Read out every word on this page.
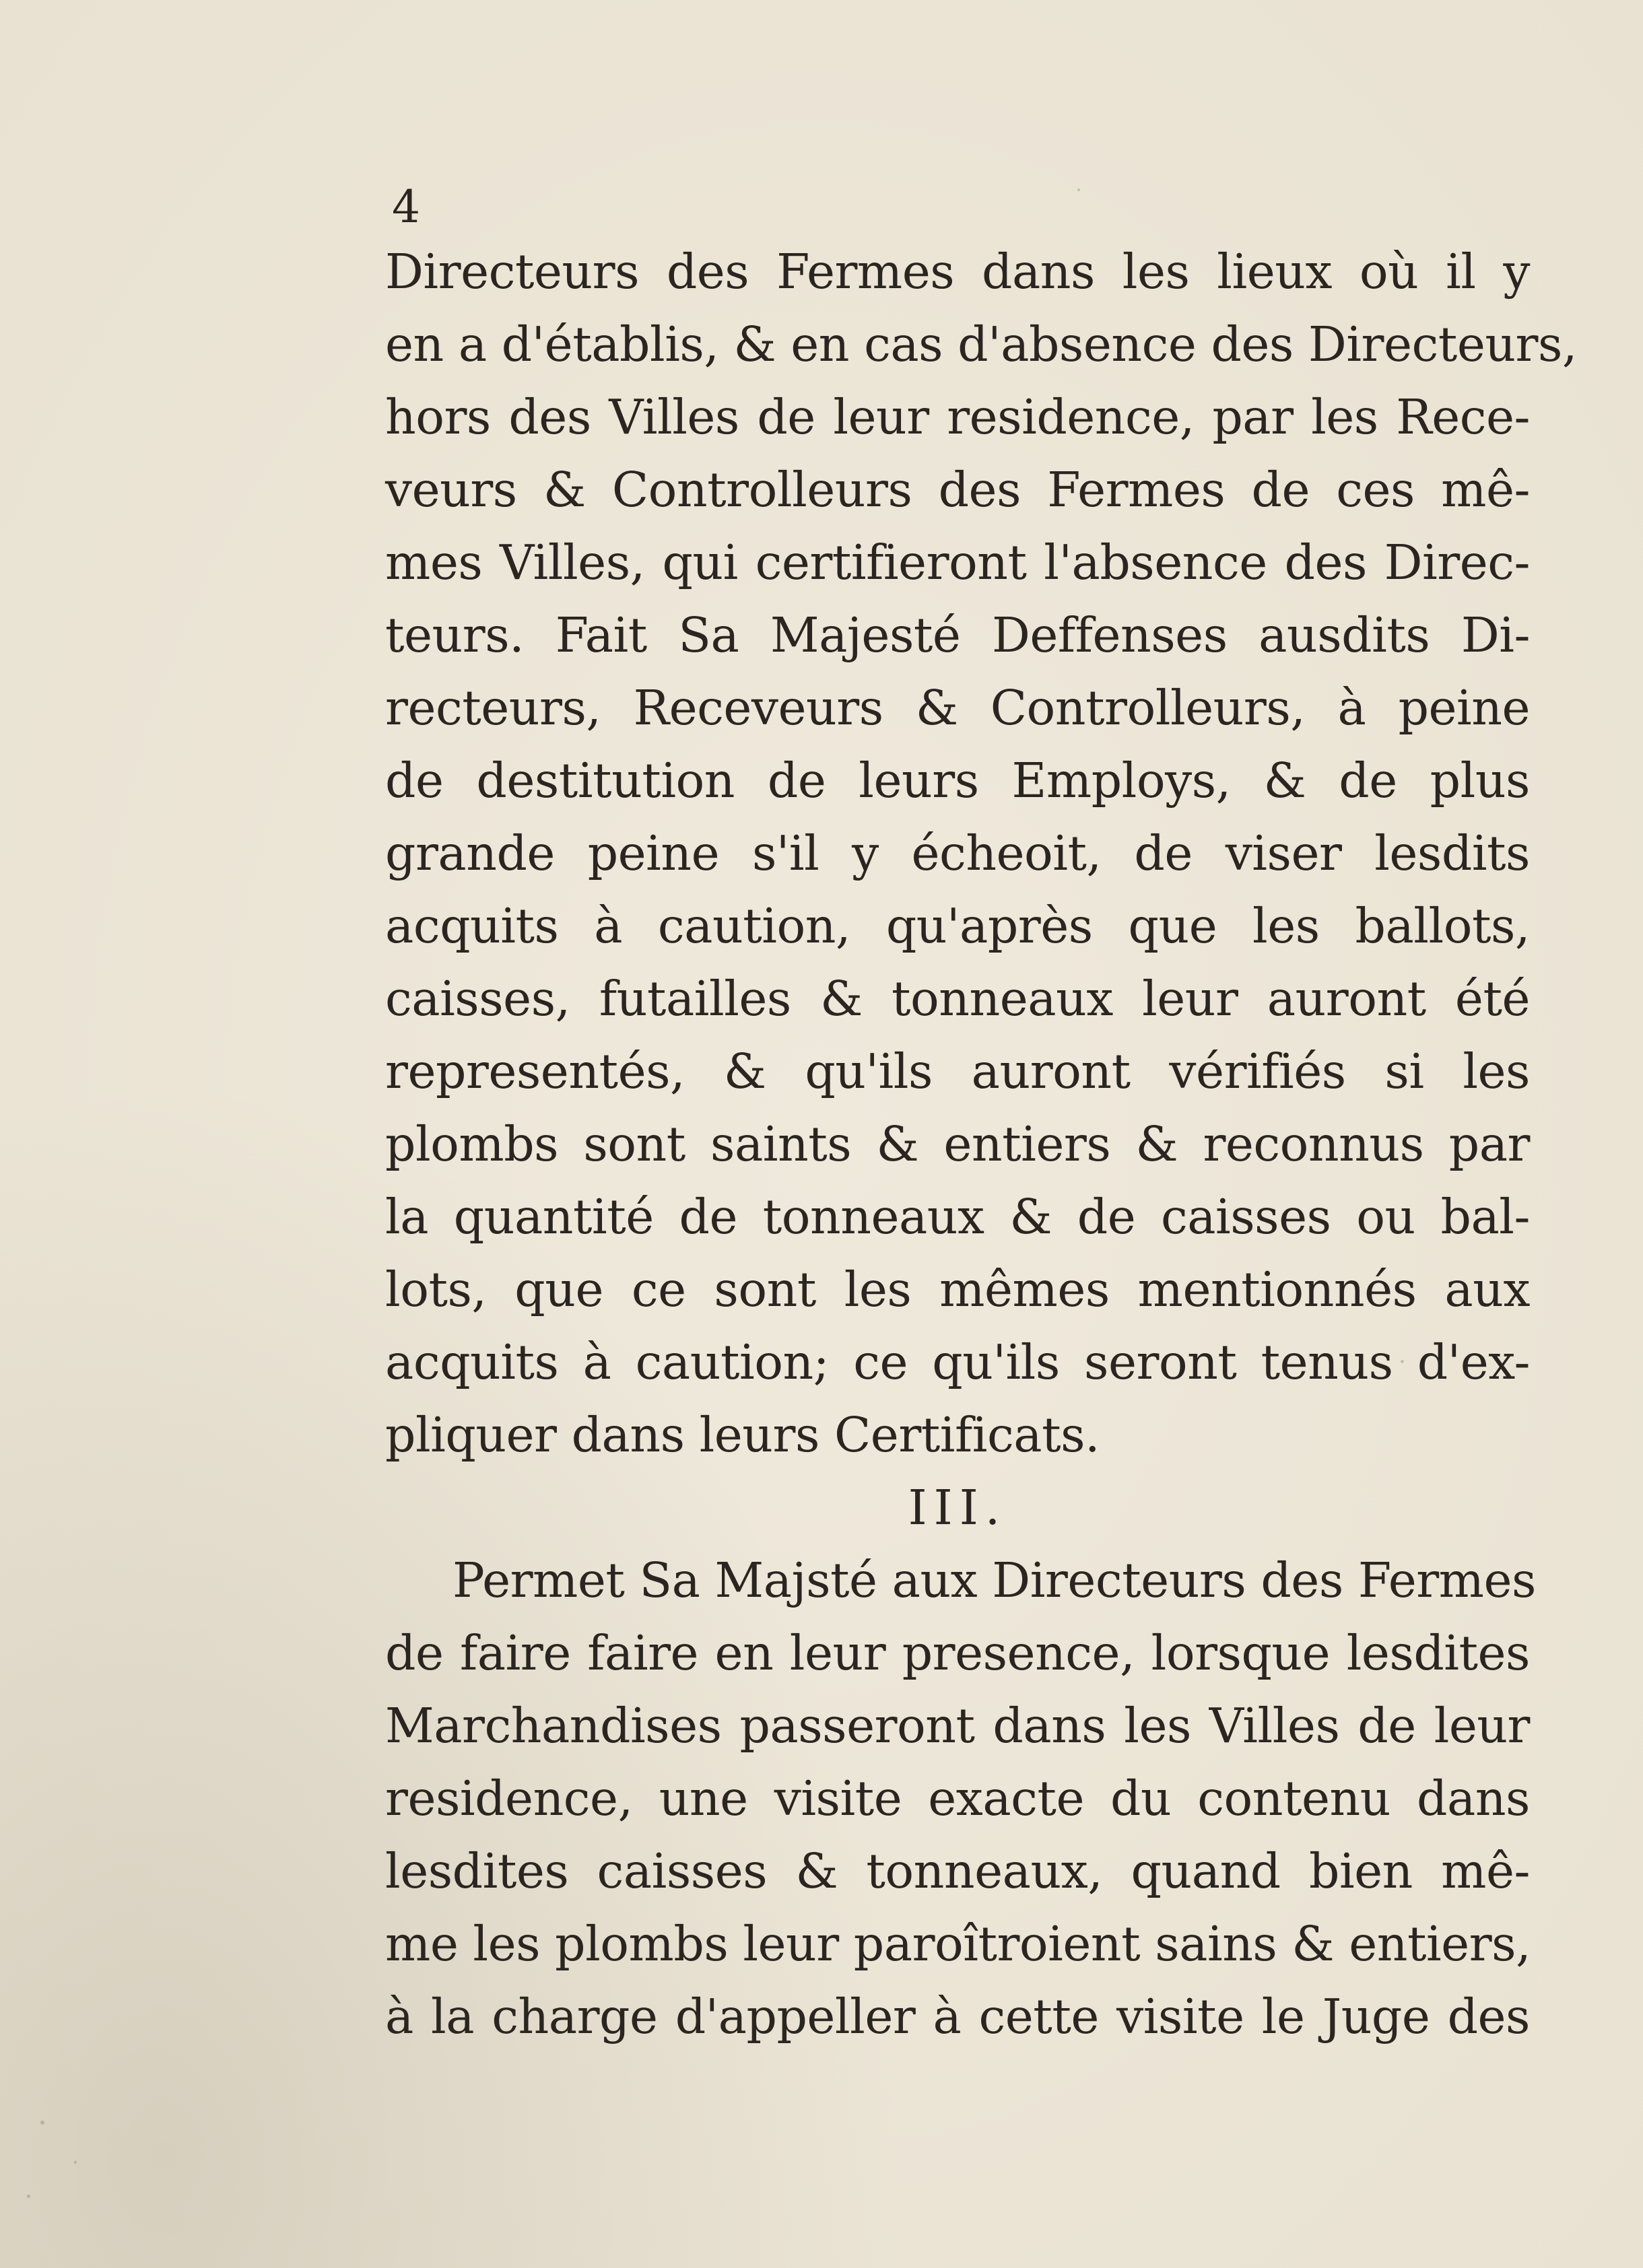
4
Directeurs des Fermes dans les lieux où il y
en a d'établis, & en cas d'absence des Directeurs,
hors des Villes de leur residence, par les Rece-
veurs & Controlleurs des Fermes de ces mê-
mes Villes, qui certifieront l'absence des Direc-
teurs. Fait Sa Majesté Deffenses ausdits Di-
recteurs, Receveurs & Controlleurs, à peine
de destitution de leurs Employs, & de plus
grande peine s'il y écheoit, de viser lesdits
acquits à caution, qu'après que les ballots,
caisses, futailles & tonneaux leur auront été
representés, & qu'ils auront vérifiés si les
plombs sont saints & entiers & reconnus par
la quantité de tonneaux & de caisses ou bal-
lots, que ce sont les mêmes mentionnés aux
acquits à caution; ce qu'ils seront tenus d'ex-
pliquer dans leurs Certificats.
III.
Permet Sa Majsté aux Directeurs des Fermes
de faire faire en leur presence, lorsque lesdites
Marchandises passeront dans les Villes de leur
residence, une visite exacte du contenu dans
lesdites caisses & tonneaux, quand bien mê-
me les plombs leur paroîtroient sains & entiers,
à la charge d'appeller à cette visite le Juge des
